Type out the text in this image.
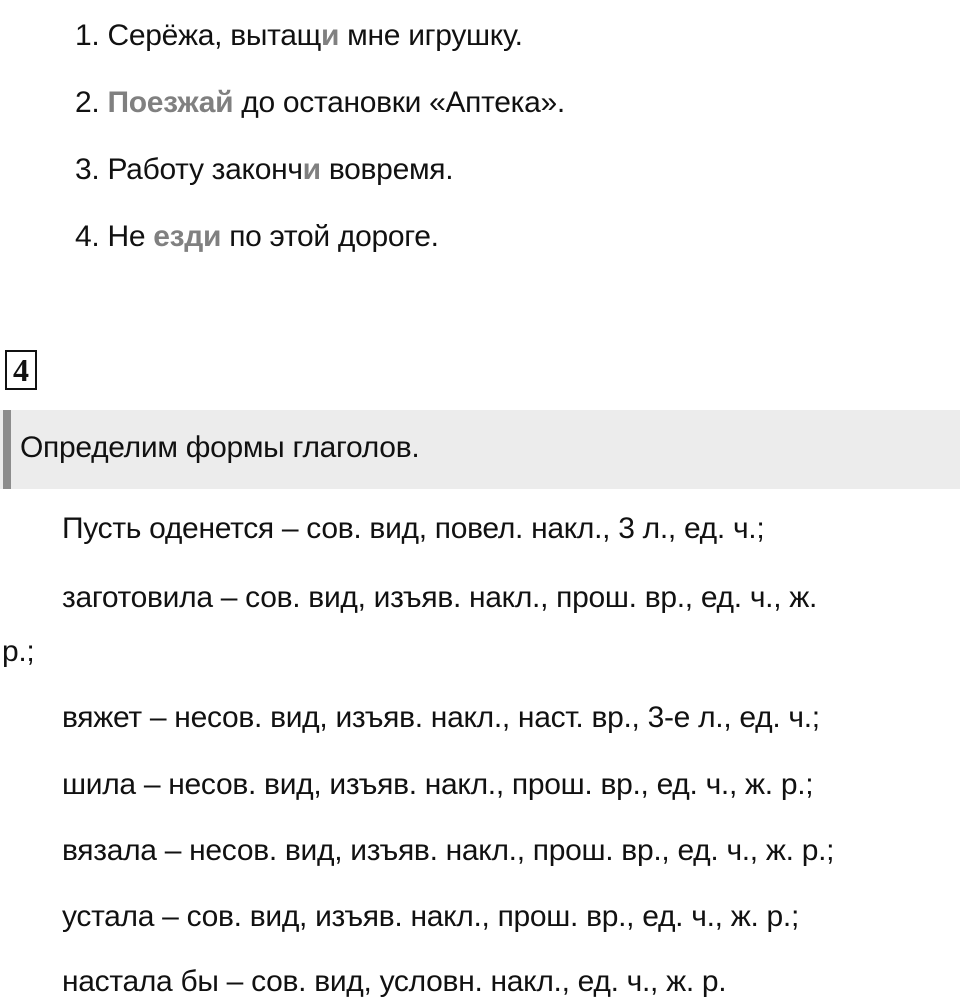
1. Серёжа, вытащи мне игрушку.
2. Поезжай до остановки «Аптека».
3. Работу закончи вовремя.
4. Не езди по этой дороге.
4
Определим формы глаголов.
Пусть оденется – сов. вид, повел. накл., 3 л., ед. ч.;
заготовила – сов. вид, изъяв. накл., прош. вр., ед. ч., ж.
р.;
вяжет – несов. вид, изъяв. накл., наст. вр., 3-е л., ед. ч.;
шила – несов. вид, изъяв. накл., прош. вр., ед. ч., ж. р.;
вязала – несов. вид, изъяв. накл., прош. вр., ед. ч., ж. р.;
устала – сов. вид, изъяв. накл., прош. вр., ед. ч., ж. р.;
настала бы – сов. вид, условн. накл., ед. ч., ж. р.
